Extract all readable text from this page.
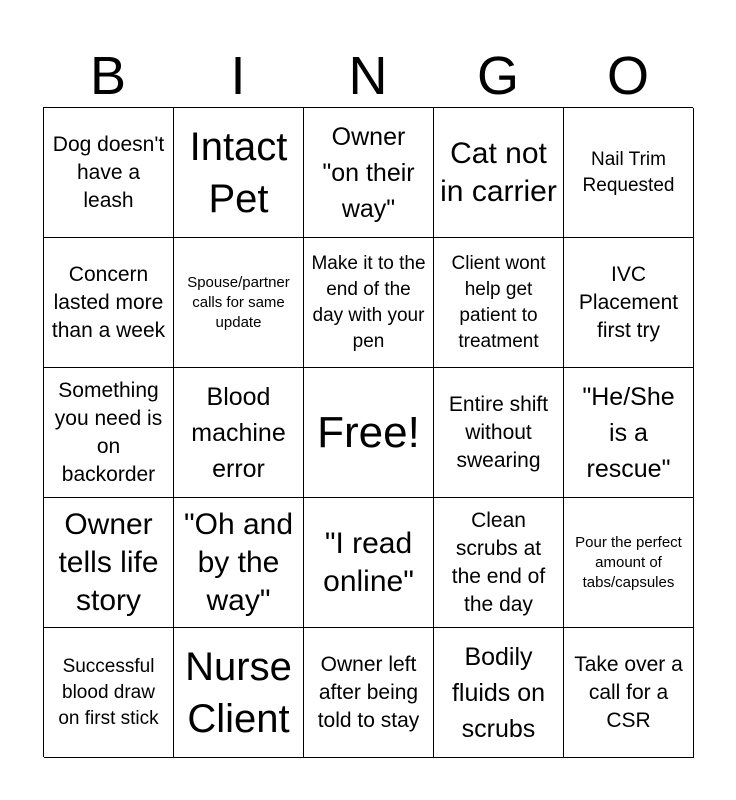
B	I	N	G	O
Dog doesn't have a leash
Intact Pet
Owner "on their way"
Cat not in carrier
Nail Trim Requested
Concern lasted more than a week
Spouse/partner calls for same update
Make it to the end of the day with your pen
Client wont help get patient to treatment
IVC Placement first try
Something you need is on backorder
Blood machine error
Free!
Entire shift without swearing
"He/She is a rescue"
Owner tells life story
"Oh and by the way"
"I read online"
Clean scrubs at the end of the day
Pour the perfect amount of tabs/capsules
Successful blood draw on first stick
Nurse Client
Owner left after being told to stay
Bodily fluids on scrubs
Take over a call for a CSR
